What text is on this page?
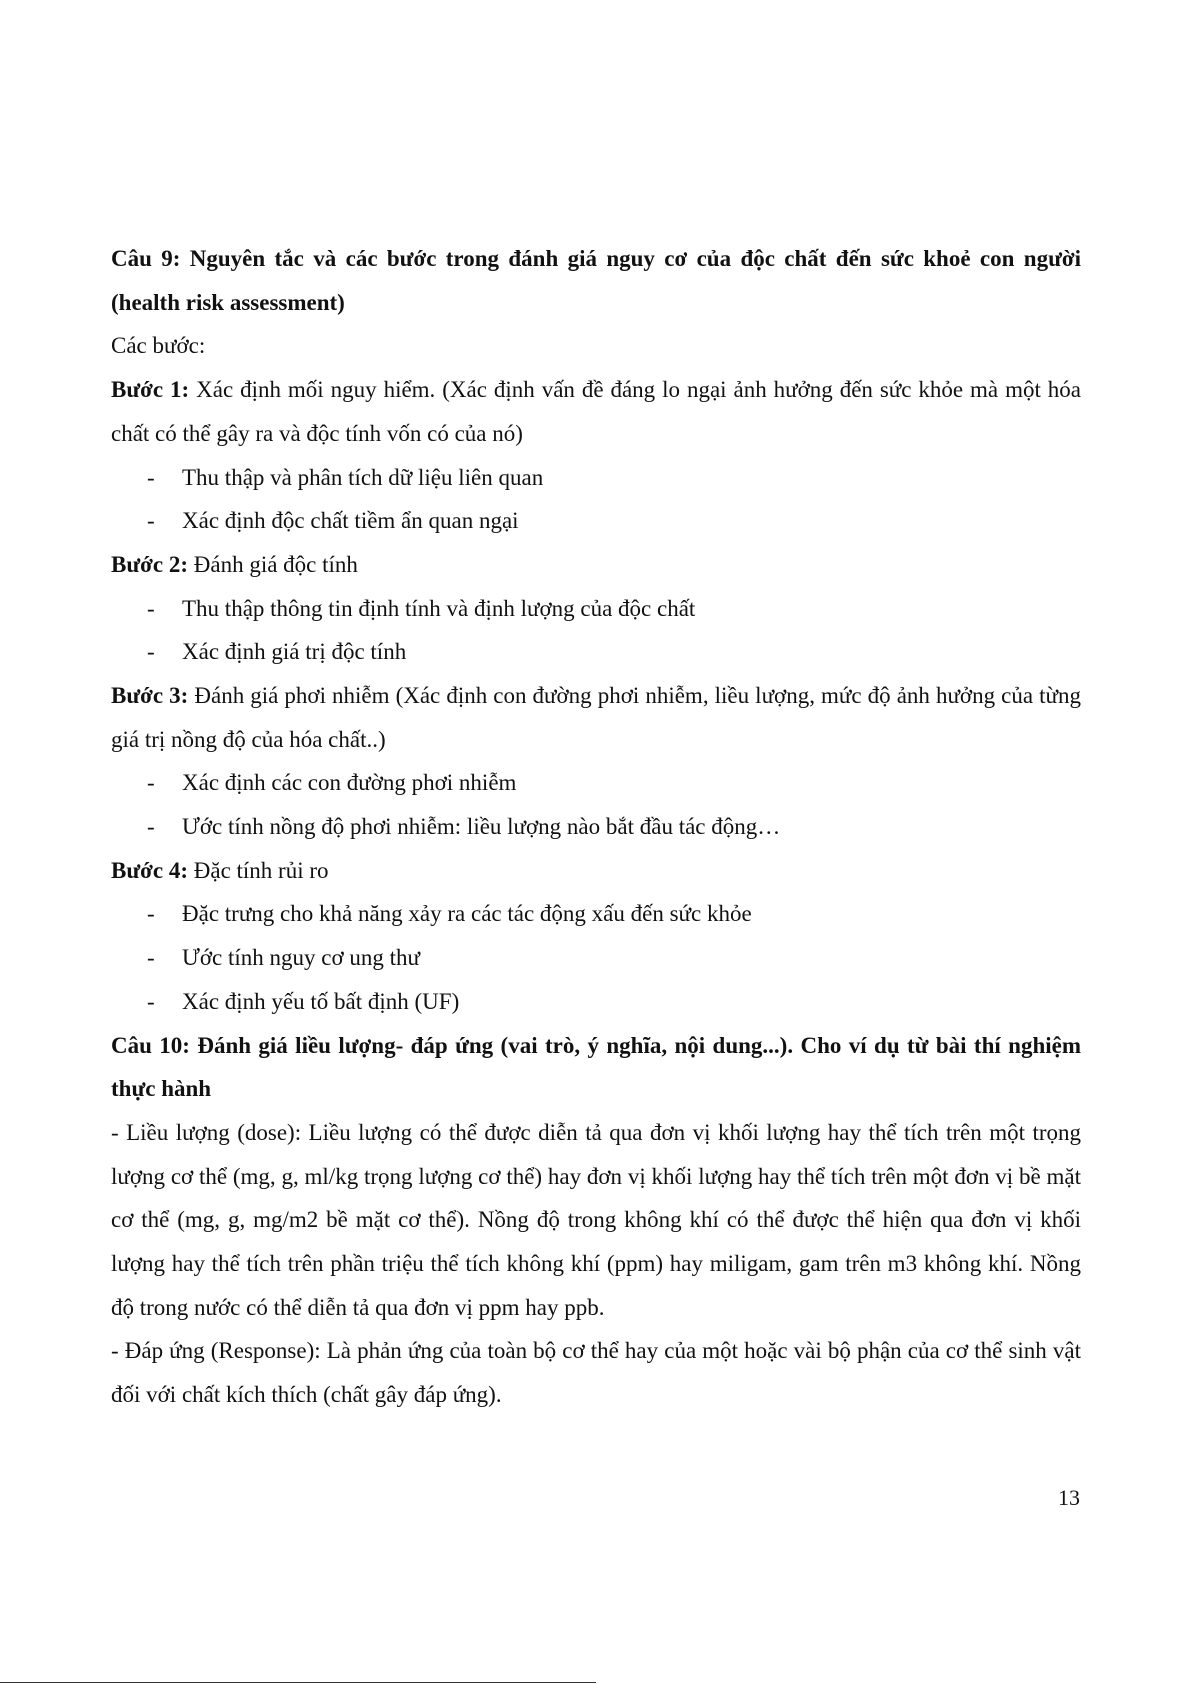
Câu 9: Nguyên tắc và các bước trong đánh giá nguy cơ của độc chất đến sức khoẻ con người (health risk assessment)
Các bước:
Bước 1: Xác định mối nguy hiểm. (Xác định vấn đề đáng lo ngại ảnh hưởng đến sức khỏe mà một hóa chất có thể gây ra và độc tính vốn có của nó)
- Thu thập và phân tích dữ liệu liên quan
- Xác định độc chất tiềm ẩn quan ngại
Bước 2: Đánh giá độc tính
- Thu thập thông tin định tính và định lượng của độc chất
- Xác định giá trị độc tính
Bước 3: Đánh giá phơi nhiễm (Xác định con đường phơi nhiễm, liều lượng, mức độ ảnh hưởng của từng giá trị nồng độ của hóa chất..)
- Xác định các con đường phơi nhiễm
- Ước tính nồng độ phơi nhiễm: liều lượng nào bắt đầu tác động…
Bước 4: Đặc tính rủi ro
- Đặc trưng cho khả năng xảy ra các tác động xấu đến sức khỏe
- Ước tính nguy cơ ung thư
- Xác định yếu tố bất định (UF)
Câu 10: Đánh giá liều lượng- đáp ứng (vai trò, ý nghĩa, nội dung...). Cho ví dụ từ bài thí nghiệm thực hành
- Liều lượng (dose): Liều lượng có thể được diễn tả qua đơn vị khối lượng hay thể tích trên một trọng lượng cơ thể (mg, g, ml/kg trọng lượng cơ thể) hay đơn vị khối lượng hay thể tích trên một đơn vị bề mặt cơ thể (mg, g, mg/m2 bề mặt cơ thể). Nồng độ trong không khí có thể được thể hiện qua đơn vị khối lượng hay thể tích trên phần triệu thể tích không khí (ppm) hay miligam, gam trên m3 không khí. Nồng độ trong nước có thể diễn tả qua đơn vị ppm hay ppb.
- Đáp ứng (Response): Là phản ứng của toàn bộ cơ thể hay của một hoặc vài bộ phận của cơ thể sinh vật đối với chất kích thích (chất gây đáp ứng).
13
